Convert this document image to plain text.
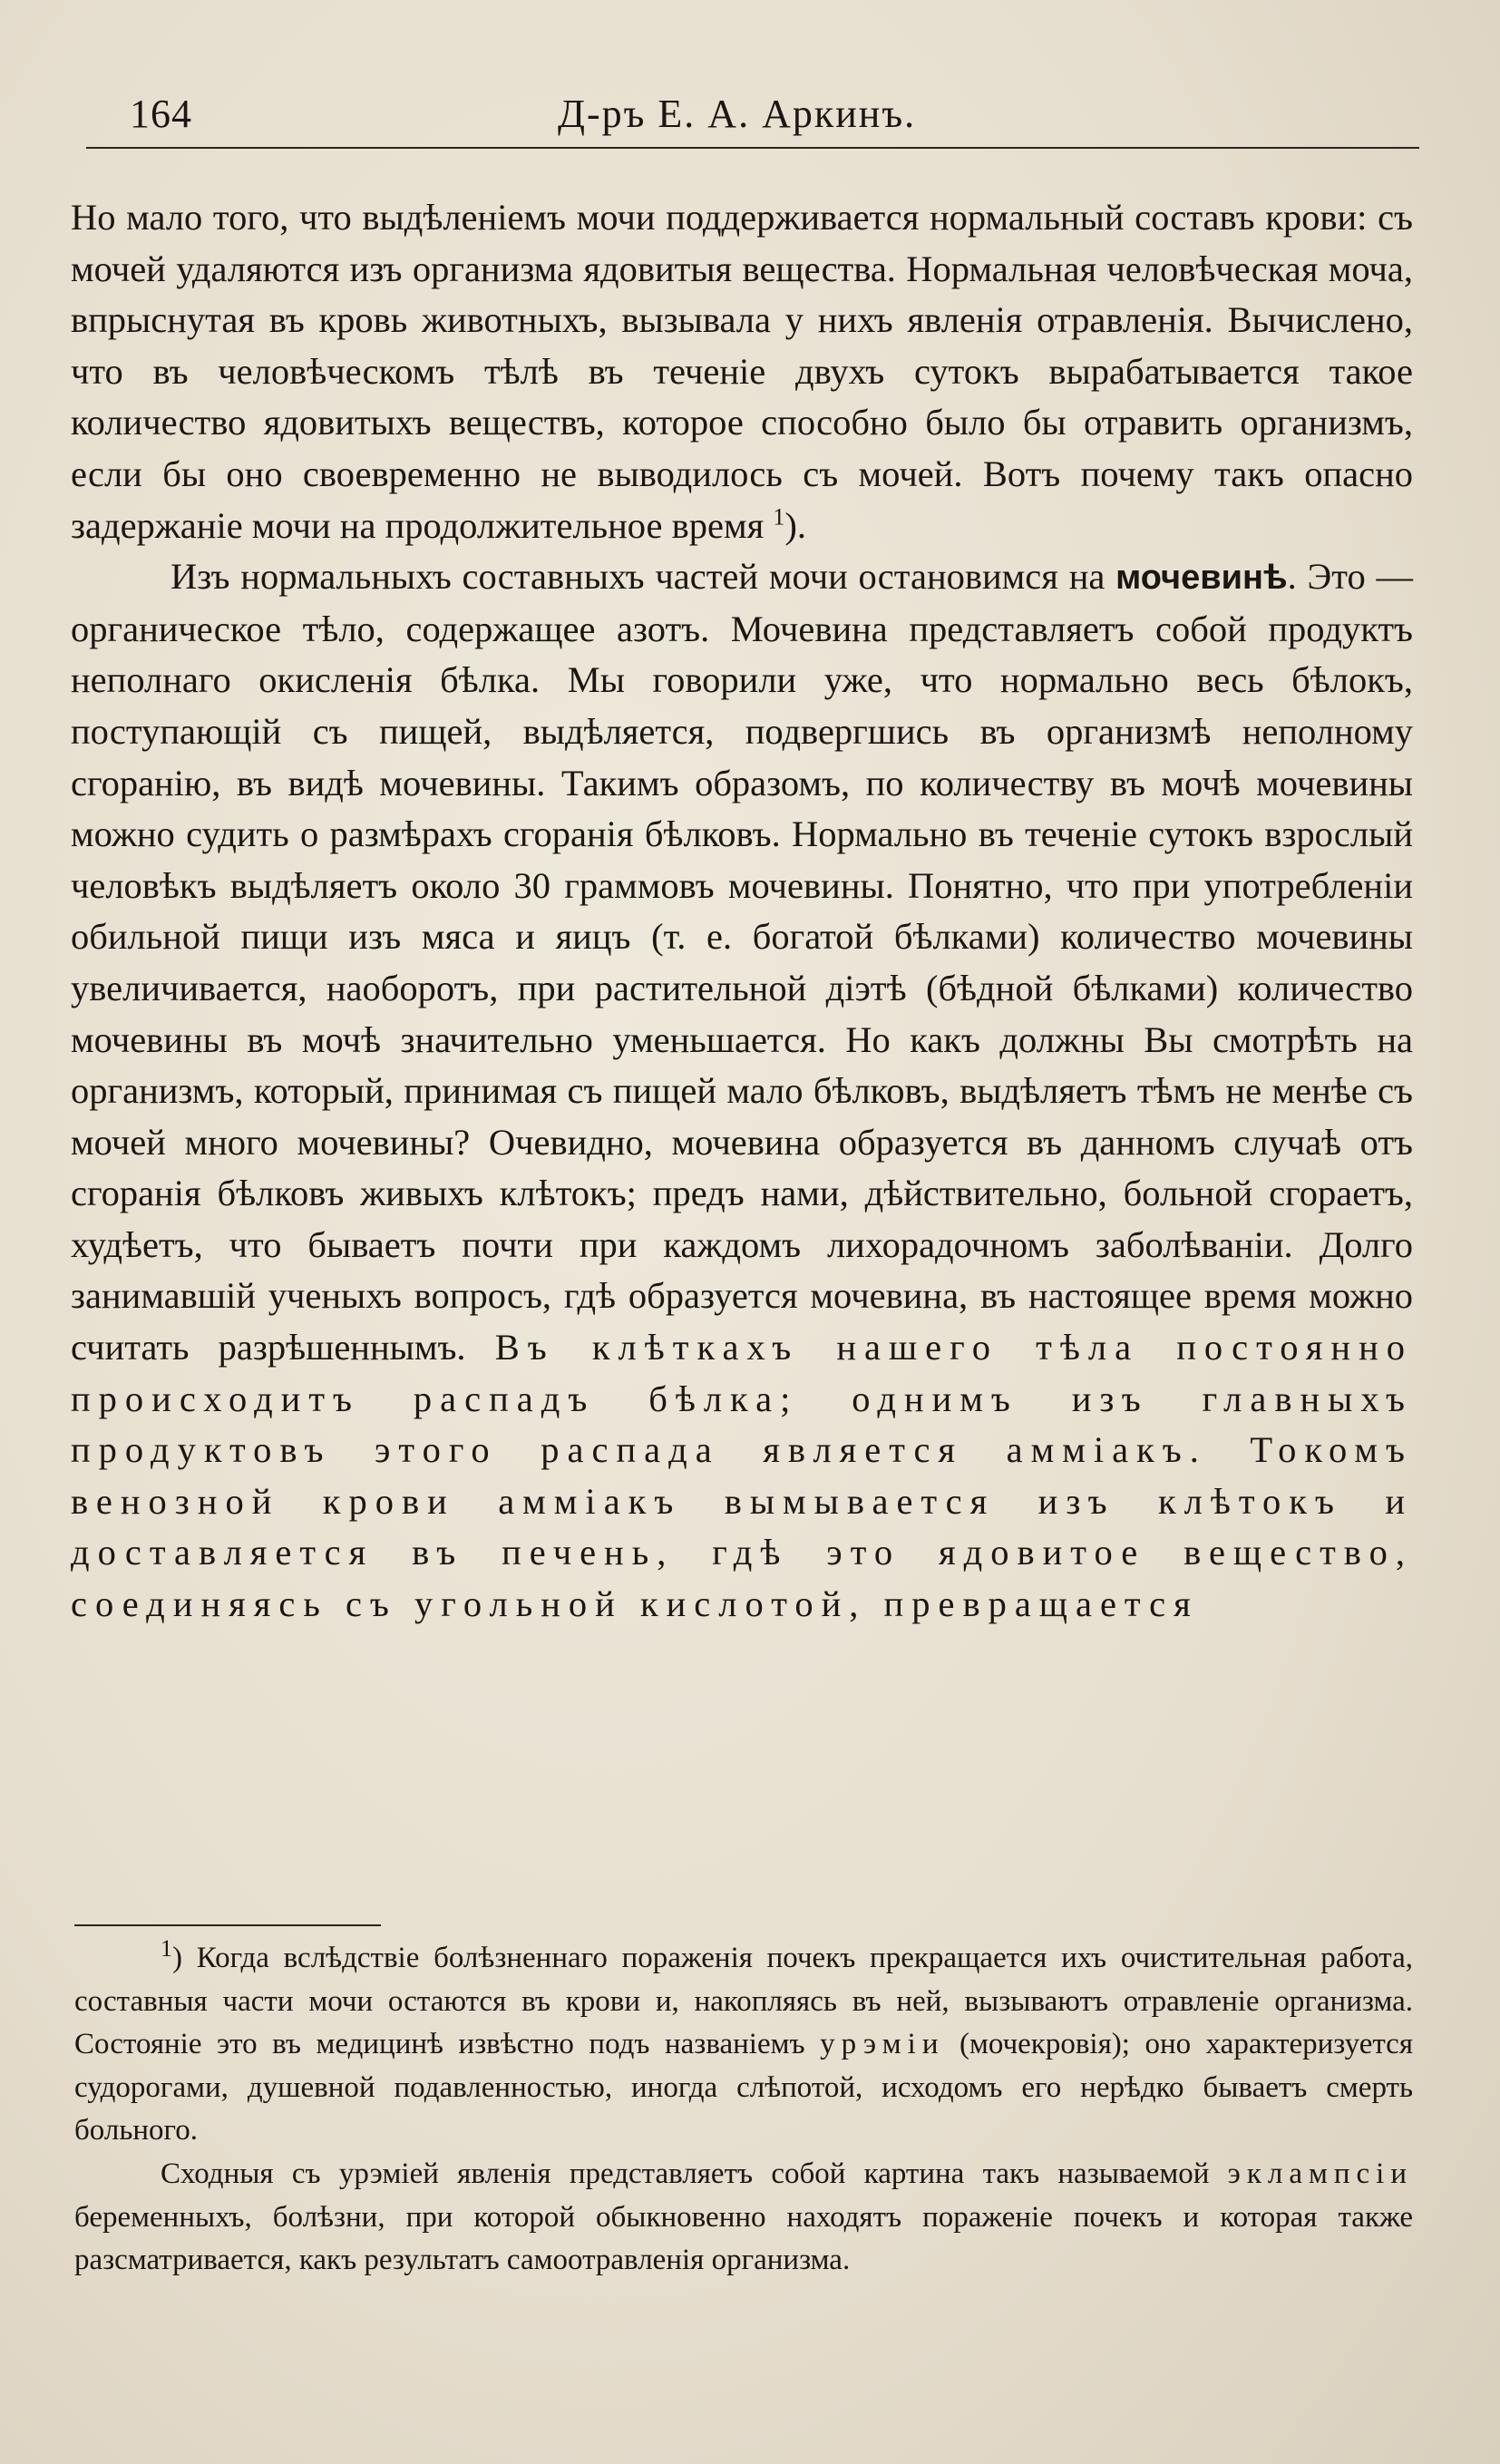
164	Д-ръ Е. А. Аркинъ.

Но мало того, что выдѣленіемъ мочи поддерживается нормальный составъ крови: съ мочей удаляются изъ организма ядовитыя вещества. Нормальная человѣческая моча, впрыснутая въ кровь животныхъ, вызывала у нихъ явленія отравленія. Вычислено, что въ человѣческомъ тѣлѣ въ теченіе двухъ сутокъ вырабатывается такое количество ядовитыхъ веществъ, которое способно было бы отравить организмъ, если бы оно своевременно не выводилось съ мочей. Вотъ почему такъ опасно задержаніе мочи на продолжительное время $^1$).

Изъ нормальныхъ составныхъ частей мочи остановимся на мочевинѣ. Это — органическое тѣло, содержащее азотъ. Мочевина представляетъ собой продуктъ неполнаго окисленія бѣлка. Мы говорили уже, что нормально весь бѣлокъ, поступающій съ пищей, выдѣляется, подвергшись въ организмѣ неполному сгоранію, въ видѣ мочевины. Такимъ образомъ, по количеству въ мочѣ мочевины можно судить о размѣрахъ сгоранія бѣлковъ. Нормально въ теченіе сутокъ взрослый человѣкъ выдѣляетъ около 30 граммовъ мочевины. Понятно, что при употребленіи обильной пищи изъ мяса и яицъ (т. е. богатой бѣлками) количество мочевины увеличивается, наоборотъ, при растительной діэтѣ (бѣдной бѣлками) количество мочевины въ мочѣ значительно уменьшается. Но какъ должны Вы смотрѣть на организмъ, который, принимая съ пищей мало бѣлковъ, выдѣляетъ тѣмъ не менѣе съ мочей много мочевины? Очевидно, мочевина образуется въ данномъ случаѣ отъ сгоранія бѣлковъ живыхъ клѣтокъ; предъ нами, дѣйствительно, больной сгораетъ, худѣетъ, что бываетъ почти при каждомъ лихорадочномъ заболѣваніи. Долго занимавшій ученыхъ вопросъ, гдѣ образуется мочевина, въ настоящее время можно считать разрѣшеннымъ. Въ клѣткахъ нашего тѣла постоянно происходитъ распадъ бѣлка; однимъ изъ главныхъ продуктовъ этого распада является амміакъ. Токомъ венозной крови амміакъ вымывается изъ клѣтокъ и доставляется въ печень, гдѣ это ядовитое вещество, соединяясь съ угольной кислотой, превращается

$^1$) Когда вслѣдствіе болѣзненнаго пораженія почекъ прекращается ихъ очистительная работа, составныя части мочи остаются въ крови и, накопляясь въ ней, вызываютъ отравленіе организма. Состояніе это въ медицинѣ извѣстно подъ названіемъ урэміи (мочекровія); оно характеризуется судорогами, душевной подавленностью, иногда слѣпотой, исходомъ его нерѣдко бываетъ смерть больного.

Сходныя съ урэміей явленія представляетъ собой картина такъ называемой эклампсіи беременныхъ, болѣзни, при которой обыкновенно находятъ пораженіе почекъ и которая также разсматривается, какъ результатъ самоотравленія организма.
